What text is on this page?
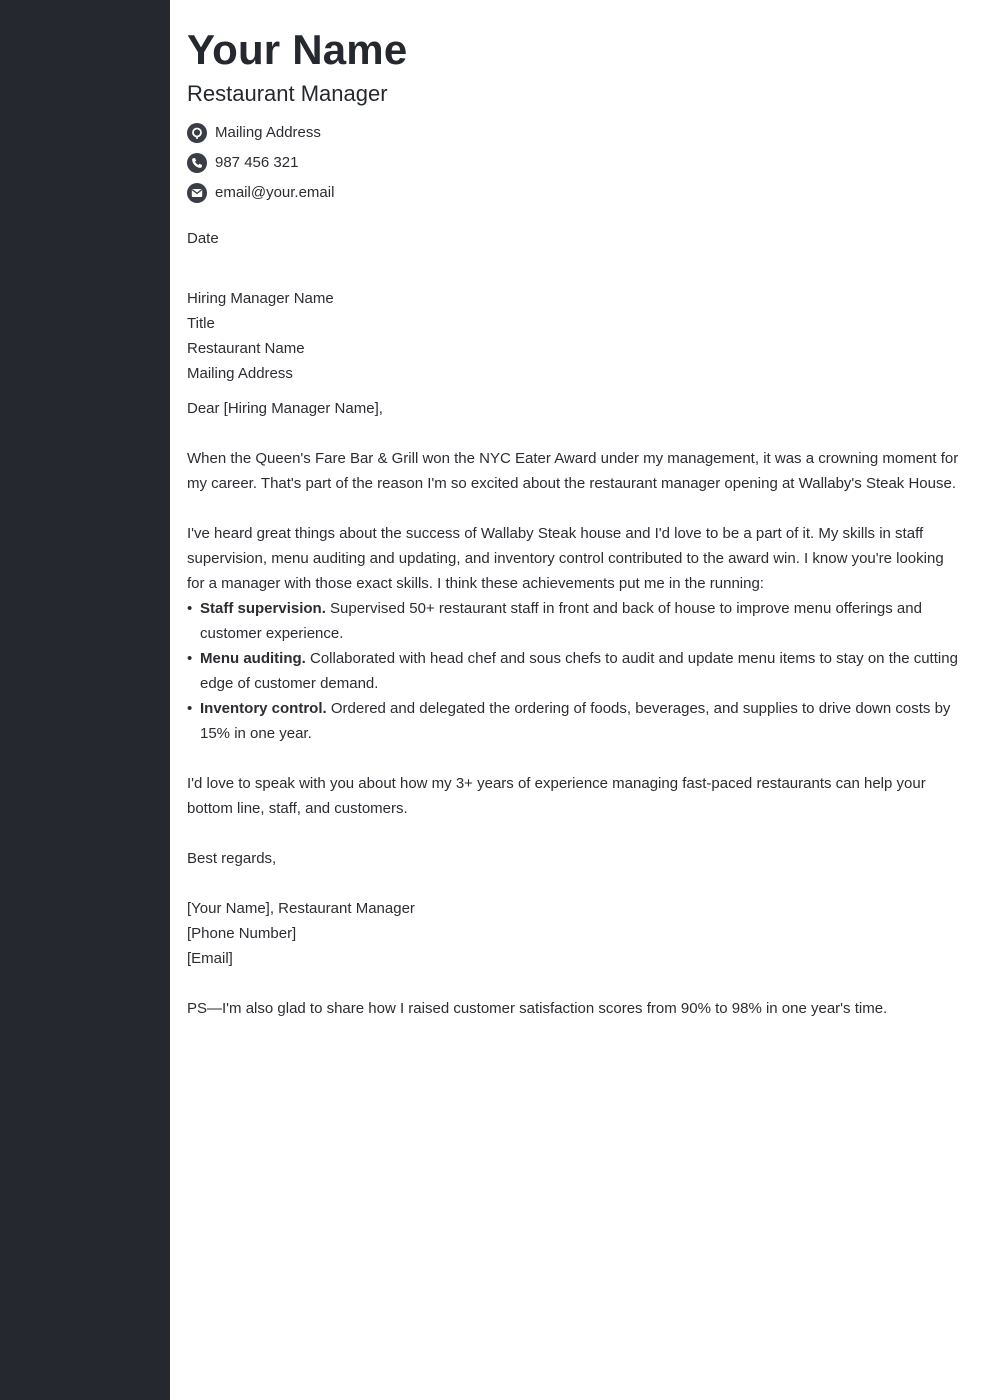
Your Name
Restaurant Manager
Mailing Address
987 456 321
email@your.email
Date
Hiring Manager Name
Title
Restaurant Name
Mailing Address
Dear [Hiring Manager Name],

When the Queen's Fare Bar & Grill won the NYC Eater Award under my management, it was a crowning moment for my career. That's part of the reason I'm so excited about the restaurant manager opening at Wallaby's Steak House.

I've heard great things about the success of Wallaby Steak house and I'd love to be a part of it. My skills in staff supervision, menu auditing and updating, and inventory control contributed to the award win. I know you're looking for a manager with those exact skills. I think these achievements put me in the running:

• Staff supervision. Supervised 50+ restaurant staff in front and back of house to improve menu offerings and customer experience.
• Menu auditing. Collaborated with head chef and sous chefs to audit and update menu items to stay on the cutting edge of customer demand.
• Inventory control. Ordered and delegated the ordering of foods, beverages, and supplies to drive down costs by 15% in one year.

I'd love to speak with you about how my 3+ years of experience managing fast-paced restaurants can help your bottom line, staff, and customers.

Best regards,
[Your Name], Restaurant Manager
[Phone Number]
[Email]

PS—I'm also glad to share how I raised customer satisfaction scores from 90% to 98% in one year's time.
